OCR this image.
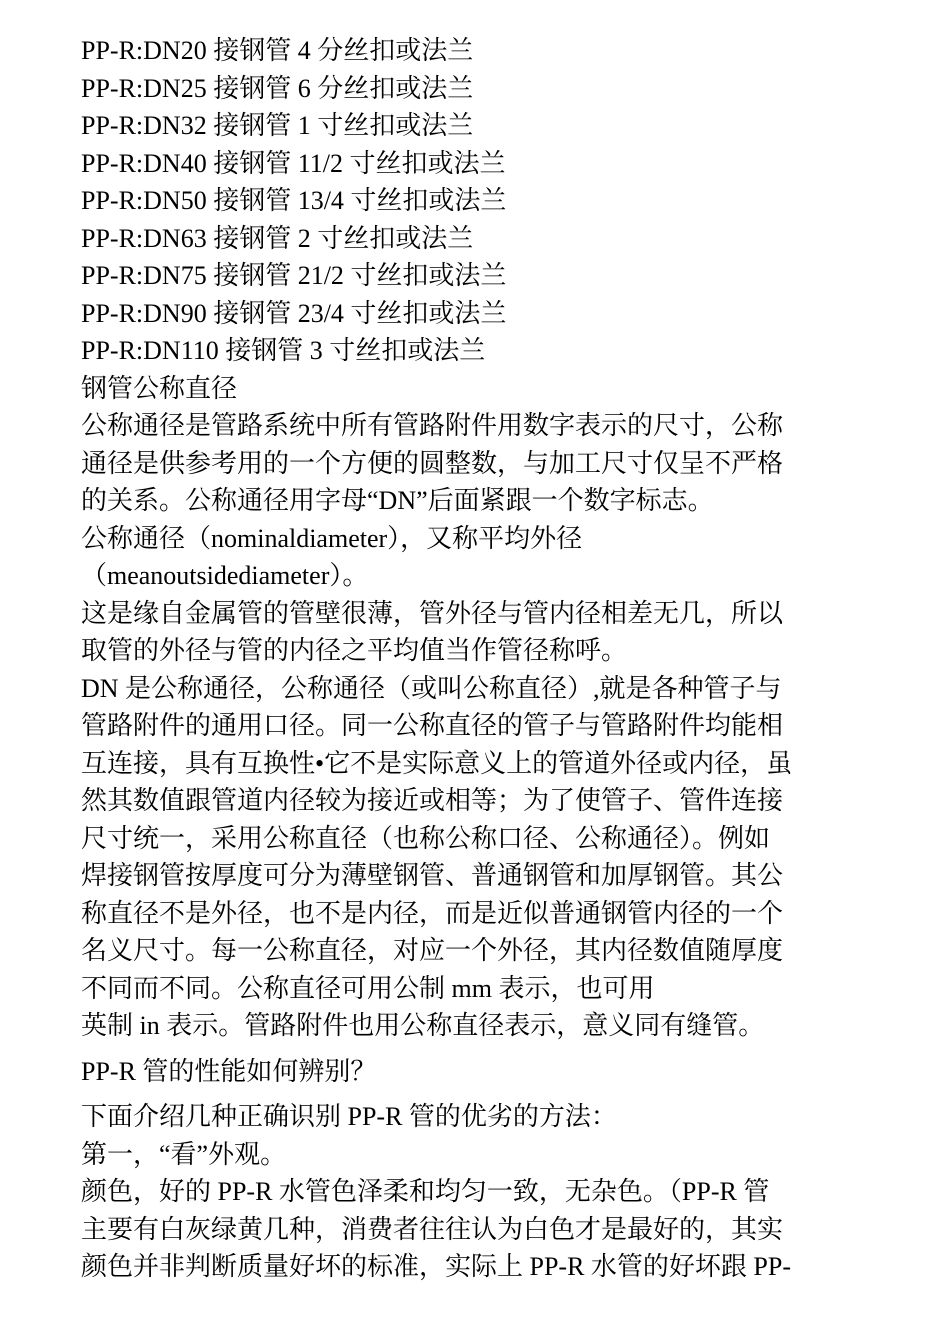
PP-R:DN20 接钢管 4 分丝扣或法兰
PP-R:DN25 接钢管 6 分丝扣或法兰
PP-R:DN32 接钢管 1 寸丝扣或法兰
PP-R:DN40 接钢管 11/2 寸丝扣或法兰
PP-R:DN50 接钢管 13/4 寸丝扣或法兰
PP-R:DN63 接钢管 2 寸丝扣或法兰
PP-R:DN75 接钢管 21/2 寸丝扣或法兰
PP-R:DN90 接钢管 23/4 寸丝扣或法兰
PP-R:DN110 接钢管 3 寸丝扣或法兰
钢管公称直径
公称通径是管路系统中所有管路附件用数字表示的尺寸，公称
通径是供参考用的一个方便的圆整数，与加工尺寸仅呈不严格
的关系。公称通径用字母“DN”后面紧跟一个数字标志。
公称通径（nominaldiameter），又称平均外径
（meanoutsidediameter）。
这是缘自金属管的管壁很薄，管外径与管内径相差无几，所以
取管的外径与管的内径之平均值当作管径称呼。
DN 是公称通径，公称通径（或叫公称直径）,就是各种管子与
管路附件的通用口径。同一公称直径的管子与管路附件均能相
互连接，具有互换性•它不是实际意义上的管道外径或内径，虽
然其数值跟管道内径较为接近或相等；为了使管子、管件连接
尺寸统一，采用公称直径（也称公称口径、公称通径）。例如
焊接钢管按厚度可分为薄壁钢管、普通钢管和加厚钢管。其公
称直径不是外径，也不是内径，而是近似普通钢管内径的一个
名义尺寸。每一公称直径，对应一个外径，其内径数值随厚度
不同而不同。公称直径可用公制 mm 表示，也可用
英制 in 表示。管路附件也用公称直径表示，意义同有缝管。
PP-R 管的性能如何辨别？
下面介绍几种正确识别 PP-R 管的优劣的方法：
第一，“看”外观。
颜色，好的 PP-R 水管色泽柔和均匀一致，无杂色。（PP-R 管
主要有白灰绿黄几种，消费者往往认为白色才是最好的，其实
颜色并非判断质量好坏的标准，实际上 PP-R 水管的好坏跟 PP-
